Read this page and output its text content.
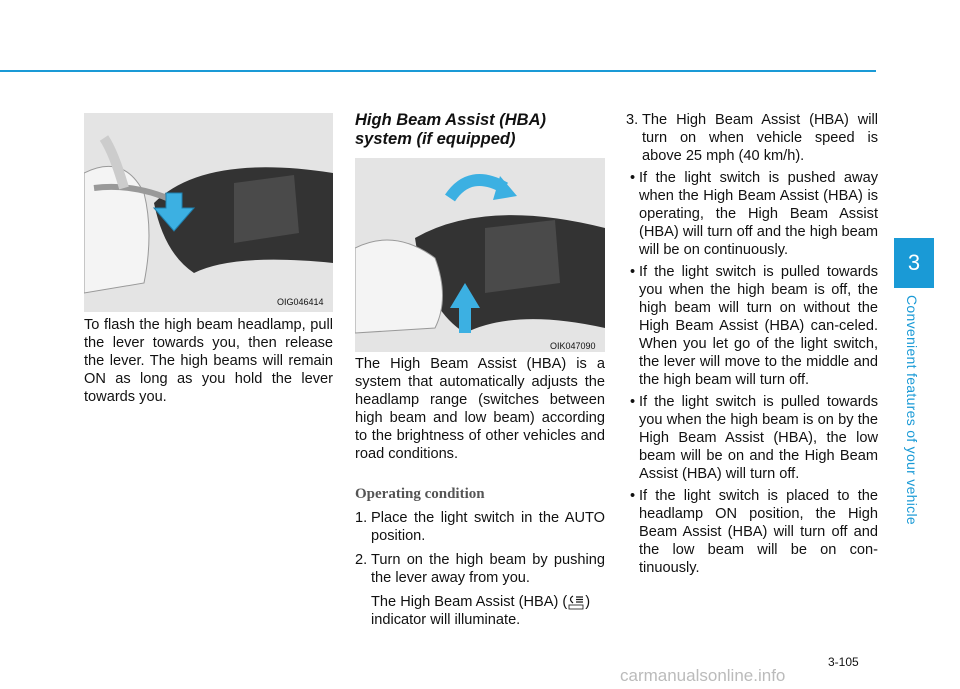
3
Convenient features of your vehicle
OIG046414

To flash the high beam headlamp, pull the lever towards you, then release the lever. The high beams will remain ON as long as you hold the lever towards you.

High Beam Assist (HBA) system (if equipped)
OIK047090

The High Beam Assist (HBA) is a system that automatically adjusts the headlamp range (switches between high beam and low beam) according to the brightness of other vehicles and road conditions.

Operating condition
1. Place the light switch in the AUTO position.
2. Turn on the high beam by pushing the lever away from you.
The High Beam Assist (HBA) ( )
indicator will illuminate.
3. The High Beam Assist (HBA) will turn on when vehicle speed is above 25 mph (40 km/h).
• If the light switch is pushed away when the High Beam Assist (HBA) is operating, the High Beam Assist (HBA) will turn off and the high beam will be on continuously.
• If the light switch is pulled towards you when the high beam is off, the high beam will turn on without the High Beam Assist (HBA) can-celed. When you let go of the light switch, the lever will move to the middle and the high beam will turn off.
• If the light switch is pulled towards you when the high beam is on by the High Beam Assist (HBA), the low beam will be on and the High Beam Assist (HBA) will turn off.
• If the light switch is placed to the headlamp ON position, the High Beam Assist (HBA) will turn off and the low beam will be on con-tinuously.
3-105
carmanualsonline.info
